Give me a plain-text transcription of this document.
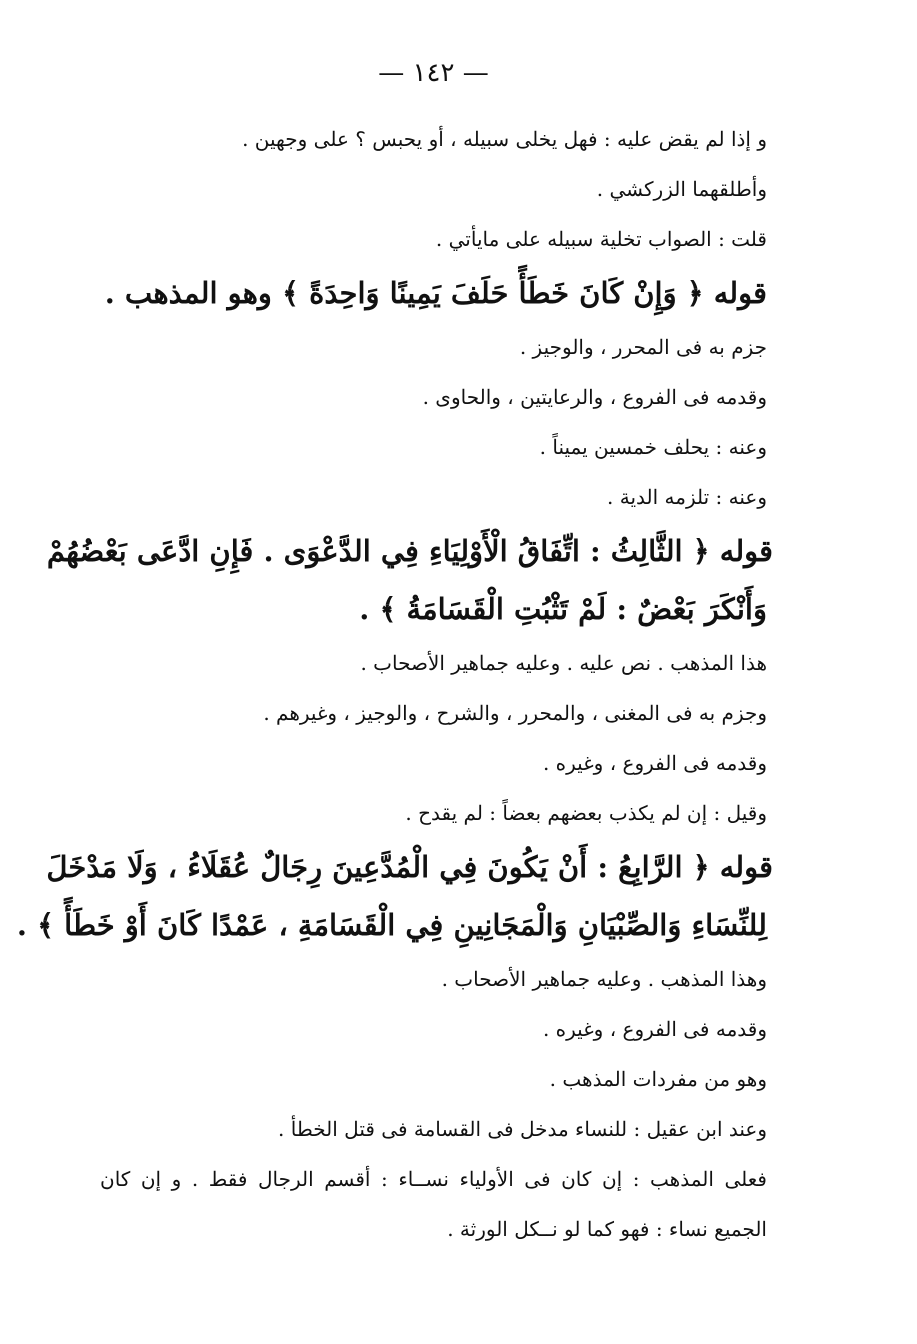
— ١٤٢ —
و إذا لم يقض عليه : فهل يخلى سبيله ، أو يحبس ؟ على وجهين .
وأطلقهما الزركشي .
قلت : الصواب تخلية سبيله على مايأتي .
قوله ﴿ وَإِنْ كَانَ خَطَأً حَلَفَ يَمِينًا وَاحِدَةً ﴾ وهو المذهب .
جزم به فى المحرر ، والوجيز .
وقدمه فى الفروع ، والرعايتين ، والحاوى .
وعنه : يحلف خمسين يميناً .
وعنه : تلزمه الدية .
قوله ﴿ الثَّالِثُ : اتِّفَاقُ الْأَوْلِيَاءِ فِي الدَّعْوَى . فَإِنِ ادَّعَى بَعْضُهُمْ
وَأَنْكَرَ بَعْضٌ : لَمْ تَثْبُتِ الْقَسَامَةُ ﴾ .
هذا المذهب . نص عليه . وعليه جماهير الأصحاب .
وجزم به فى المغنى ، والمحرر ، والشرح ، والوجيز ، وغيرهم .
وقدمه فى الفروع ، وغيره .
وقيل : إن لم يكذب بعضهم بعضاً : لم يقدح .
قوله ﴿ الرَّابِعُ : أَنْ يَكُونَ فِي الْمُدَّعِينَ رِجَالٌ عُقَلَاءُ ، وَلَا مَدْخَلَ
لِلنِّسَاءِ وَالصِّبْيَانِ وَالْمَجَانِينِ فِي الْقَسَامَةِ ، عَمْدًا كَانَ أَوْ خَطَأً ﴾ .
وهذا المذهب . وعليه جماهير الأصحاب .
وقدمه فى الفروع ، وغيره .
وهو من مفردات المذهب .
وعند ابن عقيل : للنساء مدخل فى القسامة فى قتل الخطأ .
فعلى المذهب : إن كان فى الأولياء نســاء : أقسم الرجال فقط . و إن كان
الجميع نساء : فهو كما لو نــكل الورثة .
